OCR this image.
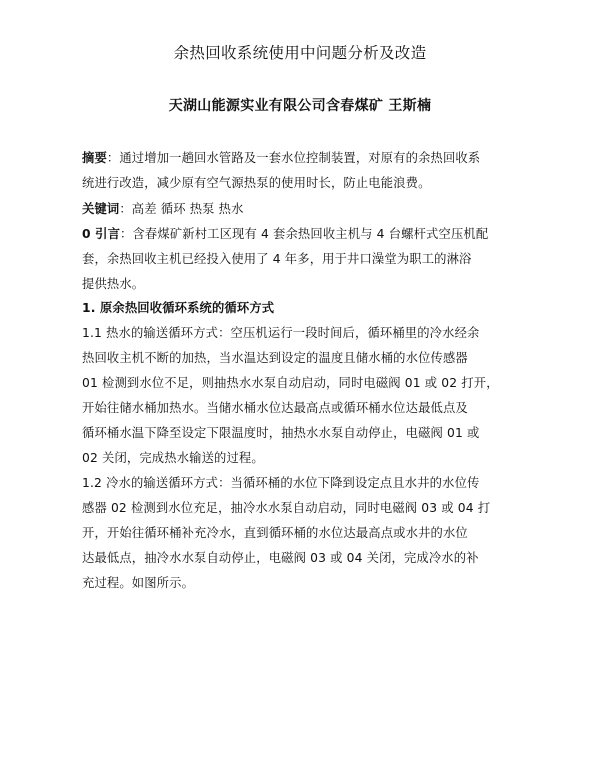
余热回收系统使用中问题分析及改造
天湖山能源实业有限公司含春煤矿 王斯楠
摘要：通过增加一趟回水管路及一套水位控制装置，对原有的余热回收系
统进行改造，减少原有空气源热泵的使用时长，防止电能浪费。
关键词：高差 循环 热泵 热水
0 引言：含春煤矿新村工区现有 4 套余热回收主机与 4 台螺杆式空压机配
套，余热回收主机已经投入使用了 4 年多，用于井口澡堂为职工的淋浴
提供热水。
1. 原余热回收循环系统的循环方式
1.1 热水的输送循环方式：空压机运行一段时间后，循环桶里的冷水经余
热回收主机不断的加热，当水温达到设定的温度且储水桶的水位传感器
01 检测到水位不足，则抽热水水泵自动启动，同时电磁阀 01 或 02 打开，
开始往储水桶加热水。当储水桶水位达最高点或循环桶水位达最低点及
循环桶水温下降至设定下限温度时，抽热水水泵自动停止，电磁阀 01 或
02 关闭，完成热水输送的过程。
1.2 冷水的输送循环方式：当循环桶的水位下降到设定点且水井的水位传
感器 02 检测到水位充足，抽冷水水泵自动启动，同时电磁阀 03 或 04 打
开，开始往循环桶补充冷水，直到循环桶的水位达最高点或水井的水位
达最低点，抽冷水水泵自动停止，电磁阀 03 或 04 关闭，完成冷水的补
充过程。如图所示。
